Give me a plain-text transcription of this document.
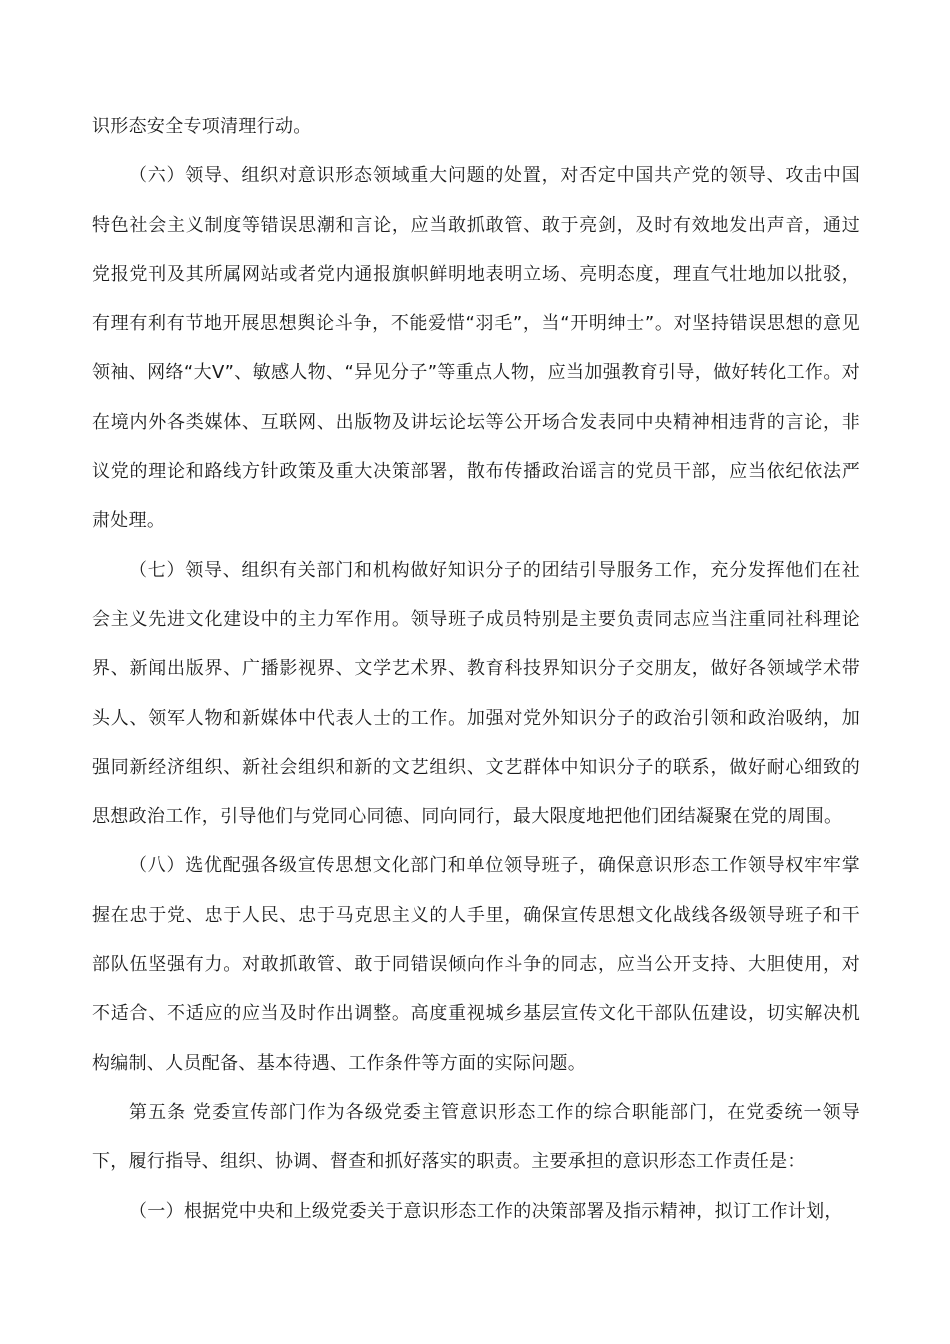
识形态安全专项清理行动。

（六）领导、组织对意识形态领域重大问题的处置，对否定中国共产党的领导、攻击中国特色社会主义制度等错误思潮和言论，应当敢抓敢管、敢于亮剑，及时有效地发出声音，通过党报党刊及其所属网站或者党内通报旗帜鲜明地表明立场、亮明态度，理直气壮地加以批驳，有理有利有节地开展思想舆论斗争，不能爱惜“羽毛”，当“开明绅士”。对坚持错误思想的意见领袖、网络“大V”、敏感人物、“异见分子”等重点人物，应当加强教育引导，做好转化工作。对在境内外各类媒体、互联网、出版物及讲坛论坛等公开场合发表同中央精神相违背的言论，非议党的理论和路线方针政策及重大决策部署，散布传播政治谣言的党员干部，应当依纪依法严肃处理。

（七）领导、组织有关部门和机构做好知识分子的团结引导服务工作，充分发挥他们在社会主义先进文化建设中的主力军作用。领导班子成员特别是主要负责同志应当注重同社科理论界、新闻出版界、广播影视界、文学艺术界、教育科技界知识分子交朋友，做好各领域学术带头人、领军人物和新媒体中代表人士的工作。加强对党外知识分子的政治引领和政治吸纳，加强同新经济组织、新社会组织和新的文艺组织、文艺群体中知识分子的联系，做好耐心细致的思想政治工作，引导他们与党同心同德、同向同行，最大限度地把他们团结凝聚在党的周围。

（八）选优配强各级宣传思想文化部门和单位领导班子，确保意识形态工作领导权牢牢掌握在忠于党、忠于人民、忠于马克思主义的人手里，确保宣传思想文化战线各级领导班子和干部队伍坚强有力。对敢抓敢管、敢于同错误倾向作斗争的同志，应当公开支持、大胆使用，对不适合、不适应的应当及时作出调整。高度重视城乡基层宣传文化干部队伍建设，切实解决机构编制、人员配备、基本待遇、工作条件等方面的实际问题。

第五条 党委宣传部门作为各级党委主管意识形态工作的综合职能部门，在党委统一领导下，履行指导、组织、协调、督查和抓好落实的职责。主要承担的意识形态工作责任是：

（一）根据党中央和上级党委关于意识形态工作的决策部署及指示精神，拟订工作计划，
